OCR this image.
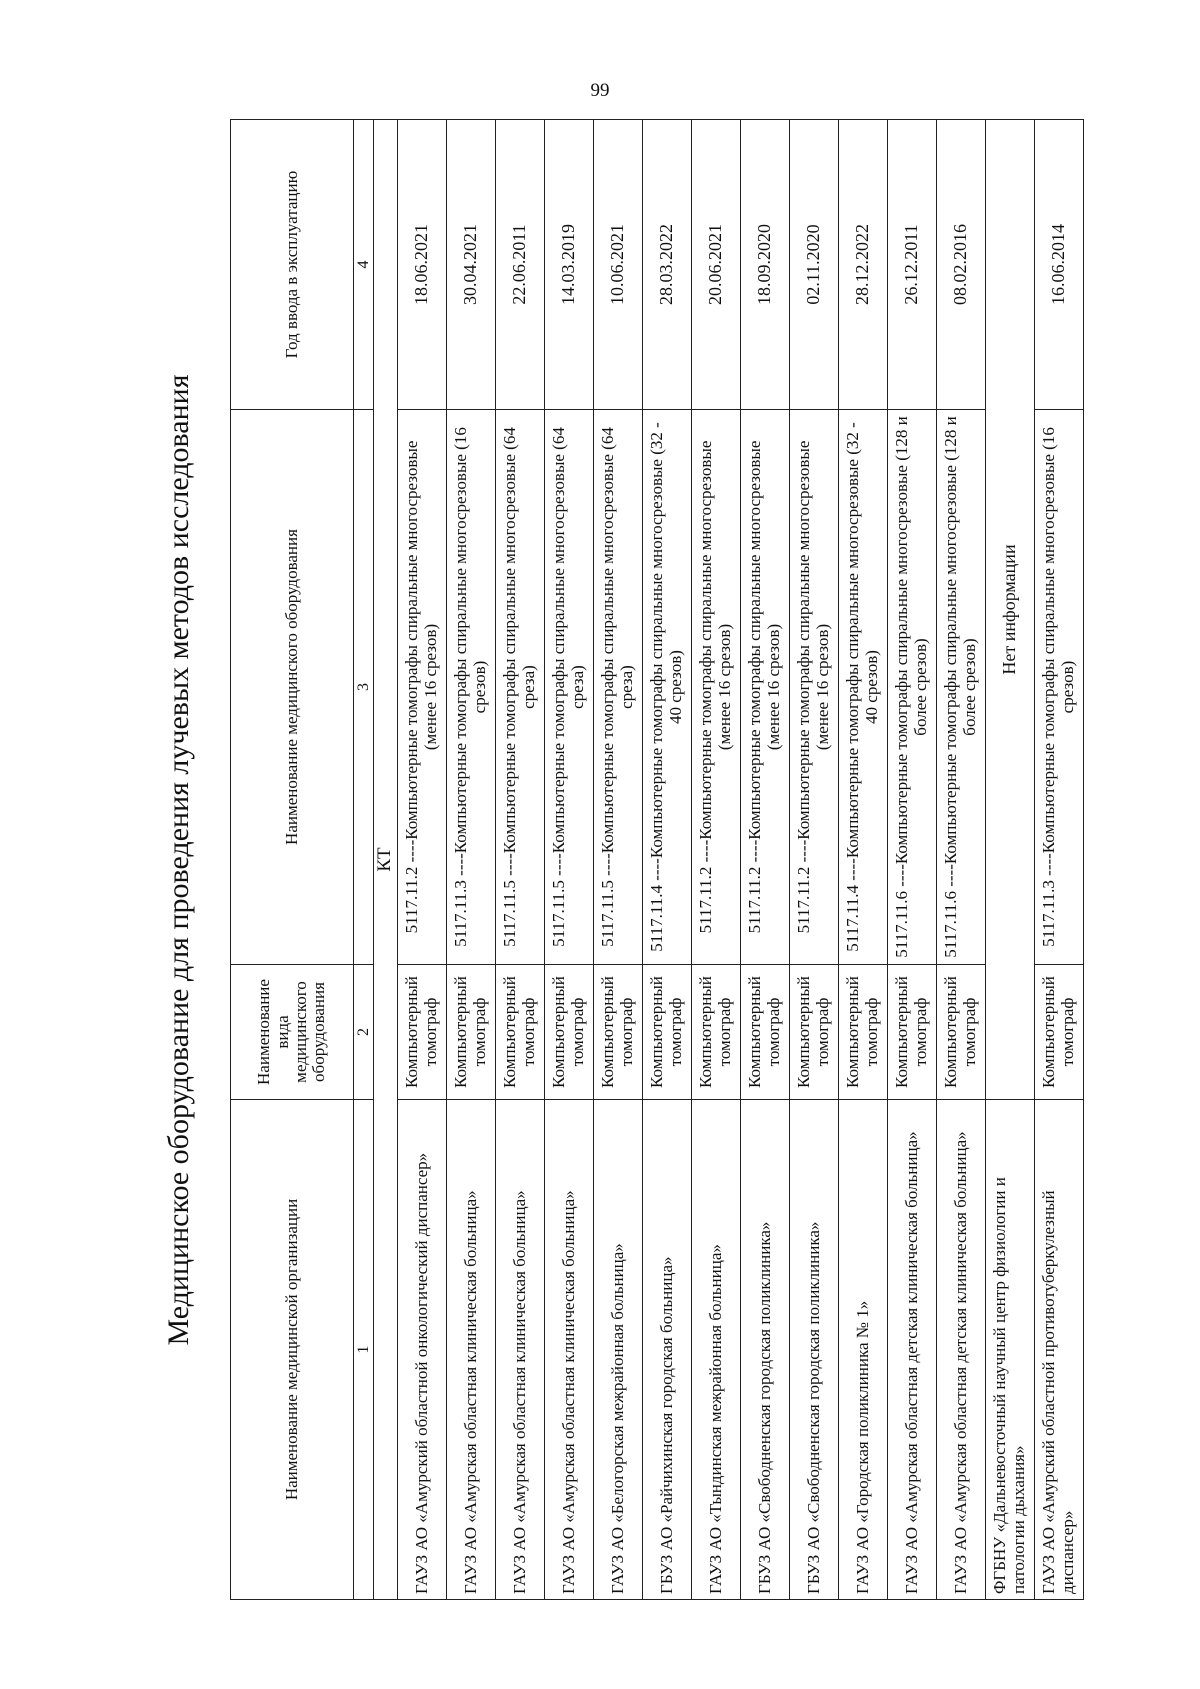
99
Медицинское оборудование для проведения лучевых методов исследования
Наименование медицинской организации	Наименование вида медицинского оборудования	Наименование медицинского оборудования	Год ввода в эксплуатацию
1	2	3	4
КТ			
ГАУЗ АО «Амурский областной онкологический диспансер»	Компьютерный томограф	5117.11.2 ----Компьютерные томографы спиральные многосрезовые (менее 16 срезов)	18.06.2021
ГАУЗ АО «Амурская областная клиническая больница»	Компьютерный томограф	5117.11.3 ----Компьютерные томографы спиральные многосрезовые (16 срезов)	30.04.2021
ГАУЗ АО «Амурская областная клиническая больница»	Компьютерный томограф	5117.11.5 ----Компьютерные томографы спиральные многосрезовые (64 среза)	22.06.2011
ГАУЗ АО «Амурская областная клиническая больница»	Компьютерный томограф	5117.11.5 ----Компьютерные томографы спиральные многосрезовые (64 среза)	14.03.2019
ГАУЗ АО «Белогорская межрайонная больница»	Компьютерный томограф	5117.11.5 ----Компьютерные томографы спиральные многосрезовые (64 среза)	10.06.2021
ГБУЗ АО «Райчихинская городская больница»	Компьютерный томограф	5117.11.4 ----Компьютерные томографы спиральные многосрезовые (32 - 40 срезов)	28.03.2022
ГАУЗ АО «Тындинская межрайонная больница»	Компьютерный томограф	5117.11.2 ----Компьютерные томографы спиральные многосрезовые (менее 16 срезов)	20.06.2021
ГБУЗ АО «Свободненская городская поликлиника»	Компьютерный томограф	5117.11.2 ----Компьютерные томографы спиральные многосрезовые (менее 16 срезов)	18.09.2020
ГБУЗ АО «Свободненская городская поликлиника»	Компьютерный томограф	5117.11.2 ----Компьютерные томографы спиральные многосрезовые (менее 16 срезов)	02.11.2020
ГАУЗ АО «Городская поликлиника № 1»	Компьютерный томограф	5117.11.4 ----Компьютерные томографы спиральные многосрезовые (32 - 40 срезов)	28.12.2022
ГАУЗ АО «Амурская областная детская клиническая больница»	Компьютерный томограф	5117.11.6 ----Компьютерные томографы спиральные многосрезовые (128 и более срезов)	26.12.2011
ГАУЗ АО «Амурская областная детская клиническая больница»	Компьютерный томограф	5117.11.6 ----Компьютерные томографы спиральные многосрезовые (128 и более срезов)	08.02.2016
ФГБНУ «Дальневосточный научный центр физиологии и патологии дыхания»	Нет информации		
ГАУЗ АО «Амурский областной противотуберкулезный диспансер»	Компьютерный томограф	5117.11.3 ----Компьютерные томографы спиральные многосрезовые (16 срезов)	16.06.2014
